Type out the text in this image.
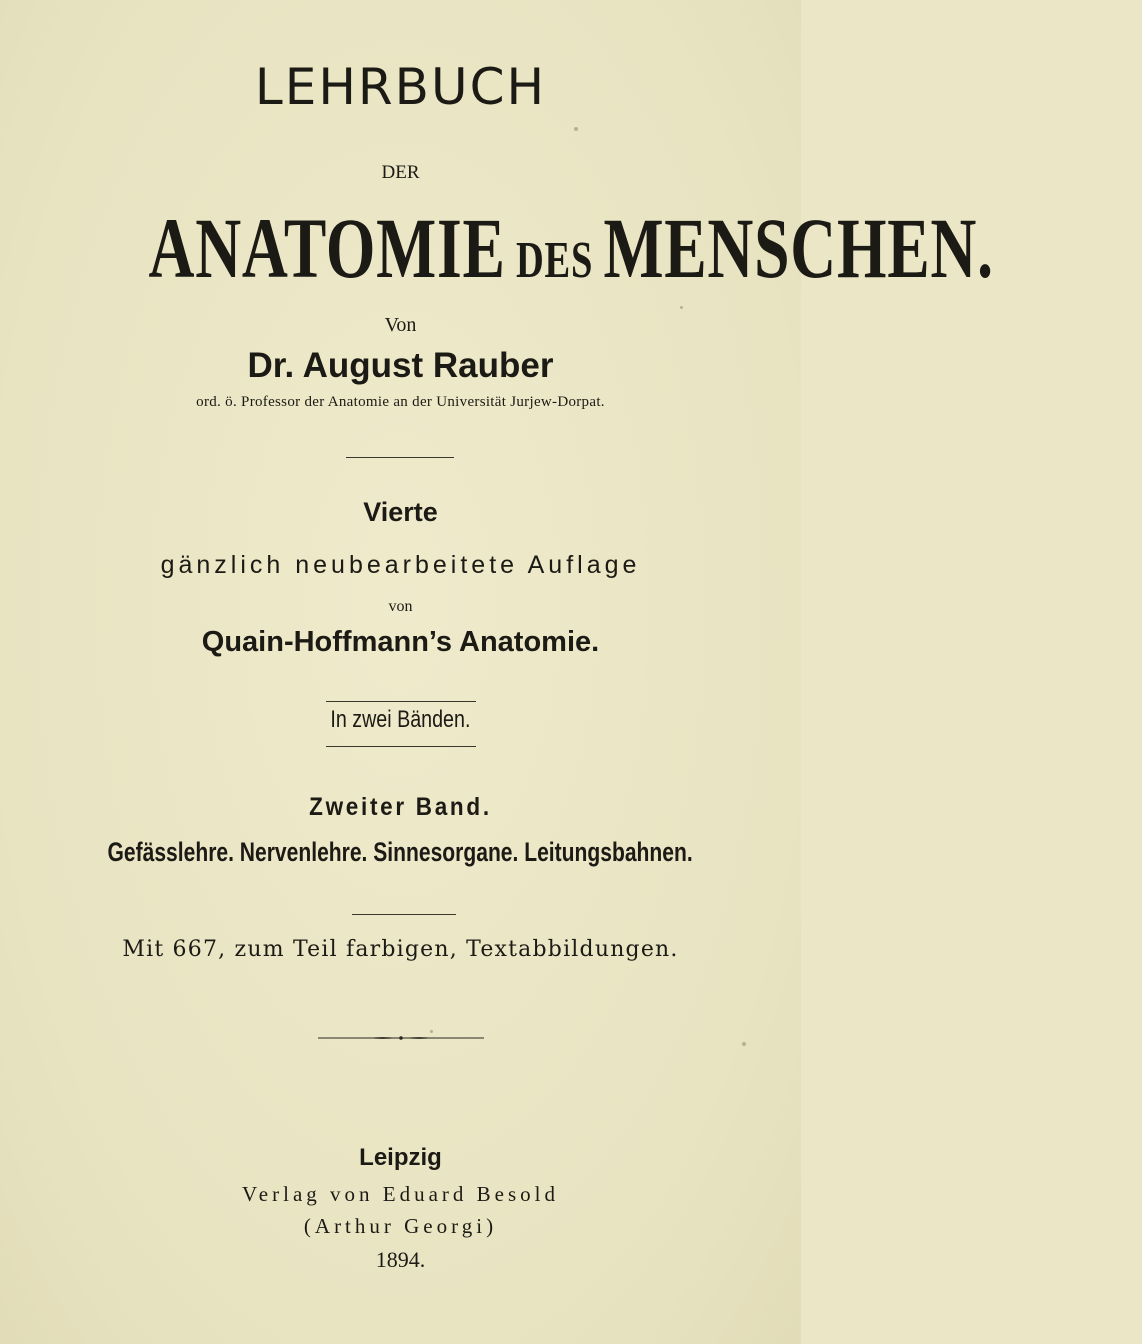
LEHRBUCH
DER
ANATOMIE DES MENSCHEN.
Von
Dr. August Rauber
ord. ö. Professor der Anatomie an der Universität Jurjew-Dorpat.
Vierte
gänzlich neubearbeitete Auflage
von
Quain-Hoffmann’s Anatomie.
In zwei Bänden.
Zweiter Band.
Gefässlehre. Nervenlehre. Sinnesorgane. Leitungsbahnen.
Mit 667, zum Teil farbigen, Textabbildungen.
Leipzig
Verlag von Eduard Besold
(Arthur Georgi)
1894.
